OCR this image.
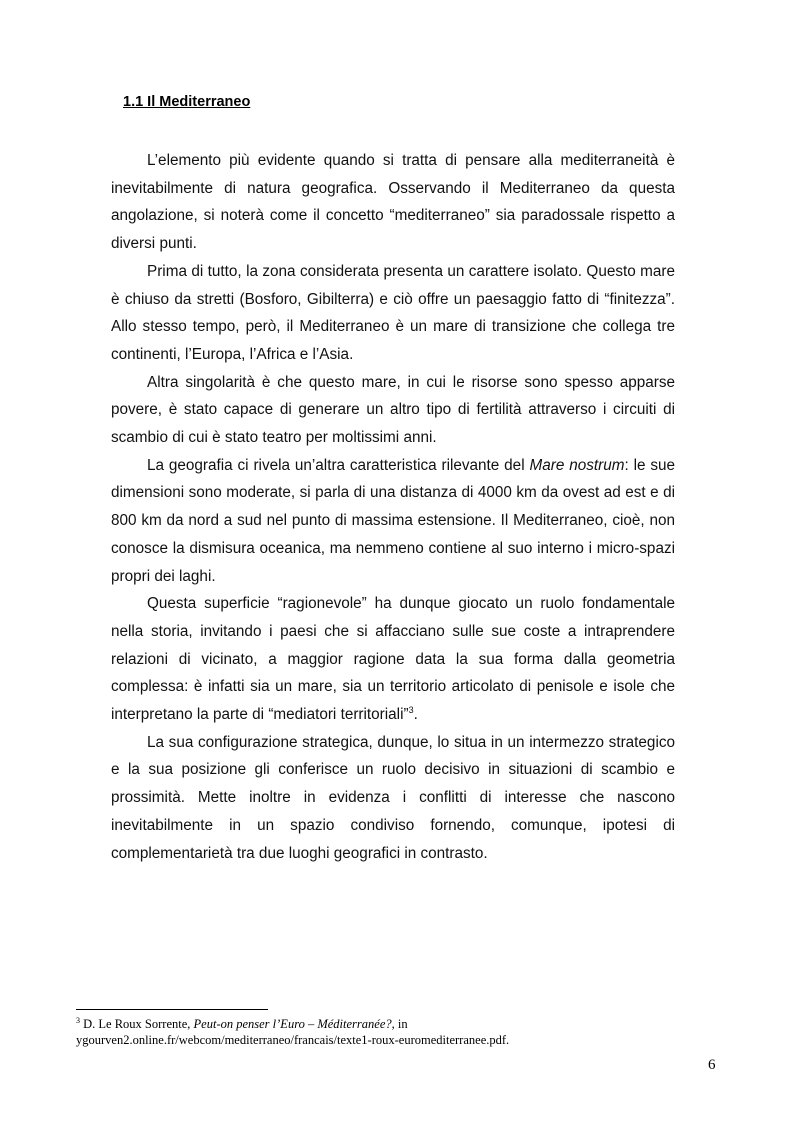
1.1 Il Mediterraneo

L’elemento più evidente quando si tratta di pensare alla mediterraneità è inevitabilmente di natura geografica. Osservando il Mediterraneo da questa angolazione, si noterà come il concetto “mediterraneo” sia paradossale rispetto a diversi punti.

Prima di tutto, la zona considerata presenta un carattere isolato. Questo mare è chiuso da stretti (Bosforo, Gibilterra) e ciò offre un paesaggio fatto di “finitezza”. Allo stesso tempo, però, il Mediterraneo è un mare di transizione che collega tre continenti, l’Europa, l’Africa e l’Asia.

Altra singolarità è che questo mare, in cui le risorse sono spesso apparse povere, è stato capace di generare un altro tipo di fertilità attraverso i circuiti di scambio di cui è stato teatro per moltissimi anni.

La geografia ci rivela un’altra caratteristica rilevante del Mare nostrum: le sue dimensioni sono moderate, si parla di una distanza di 4000 km da ovest ad est e di 800 km da nord a sud nel punto di massima estensione. Il Mediterraneo, cioè, non conosce la dismisura oceanica, ma nemmeno contiene al suo interno i micro-spazi propri dei laghi.

Questa superficie “ragionevole” ha dunque giocato un ruolo fondamentale nella storia, invitando i paesi che si affacciano sulle sue coste a intraprendere relazioni di vicinato, a maggior ragione data la sua forma dalla geometria complessa: è infatti sia un mare, sia un territorio articolato di penisole e isole che interpretano la parte di “mediatori territoriali”$^3$.

La sua configurazione strategica, dunque, lo situa in un intermezzo strategico e la sua posizione gli conferisce un ruolo decisivo in situazioni di scambio e prossimità. Mette inoltre in evidenza i conflitti di interesse che nascono inevitabilmente in un spazio condiviso fornendo, comunque, ipotesi di complementarietà tra due luoghi geografici in contrasto.

$^3$ D. Le Roux Sorrente, Peut-on penser l’Euro – Méditerranée?, in
ygourven2.online.fr/webcom/mediterraneo/francais/texte1-roux-euromediterranee.pdf.
6
